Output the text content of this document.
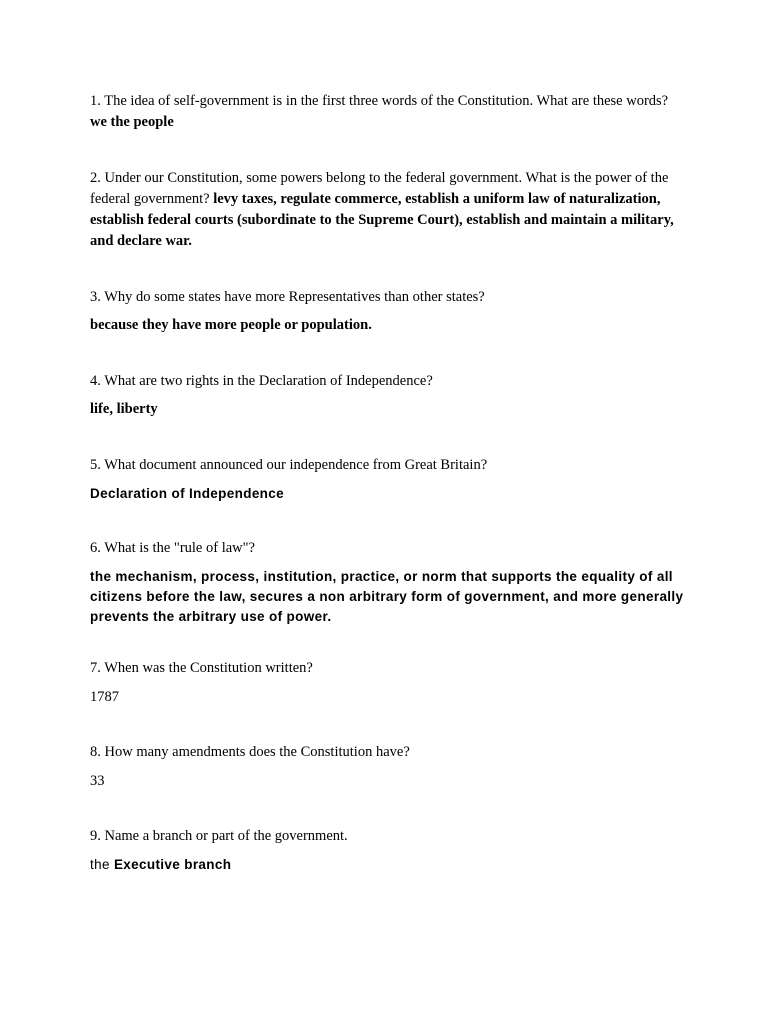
1. The idea of self-government is in the first three words of the Constitution. What are these words? we the people

2. Under our Constitution, some powers belong to the federal government. What is the power of the federal government? levy taxes, regulate commerce, establish a uniform law of naturalization, establish federal courts (subordinate to the Supreme Court), establish and maintain a military, and declare war.

3. Why do some states have more Representatives than other states?

because they have more people or population.

4. What are two rights in the Declaration of Independence?

life, liberty

5. What document announced our independence from Great Britain?

Declaration of Independence

6. What is the "rule of law"?

the mechanism, process, institution, practice, or norm that supports the equality of all citizens before the law, secures a non arbitrary form of government, and more generally prevents the arbitrary use of power.

7. When was the Constitution written?

1787

8. How many amendments does the Constitution have?

33

9. Name a branch or part of the government.

the Executive branch
